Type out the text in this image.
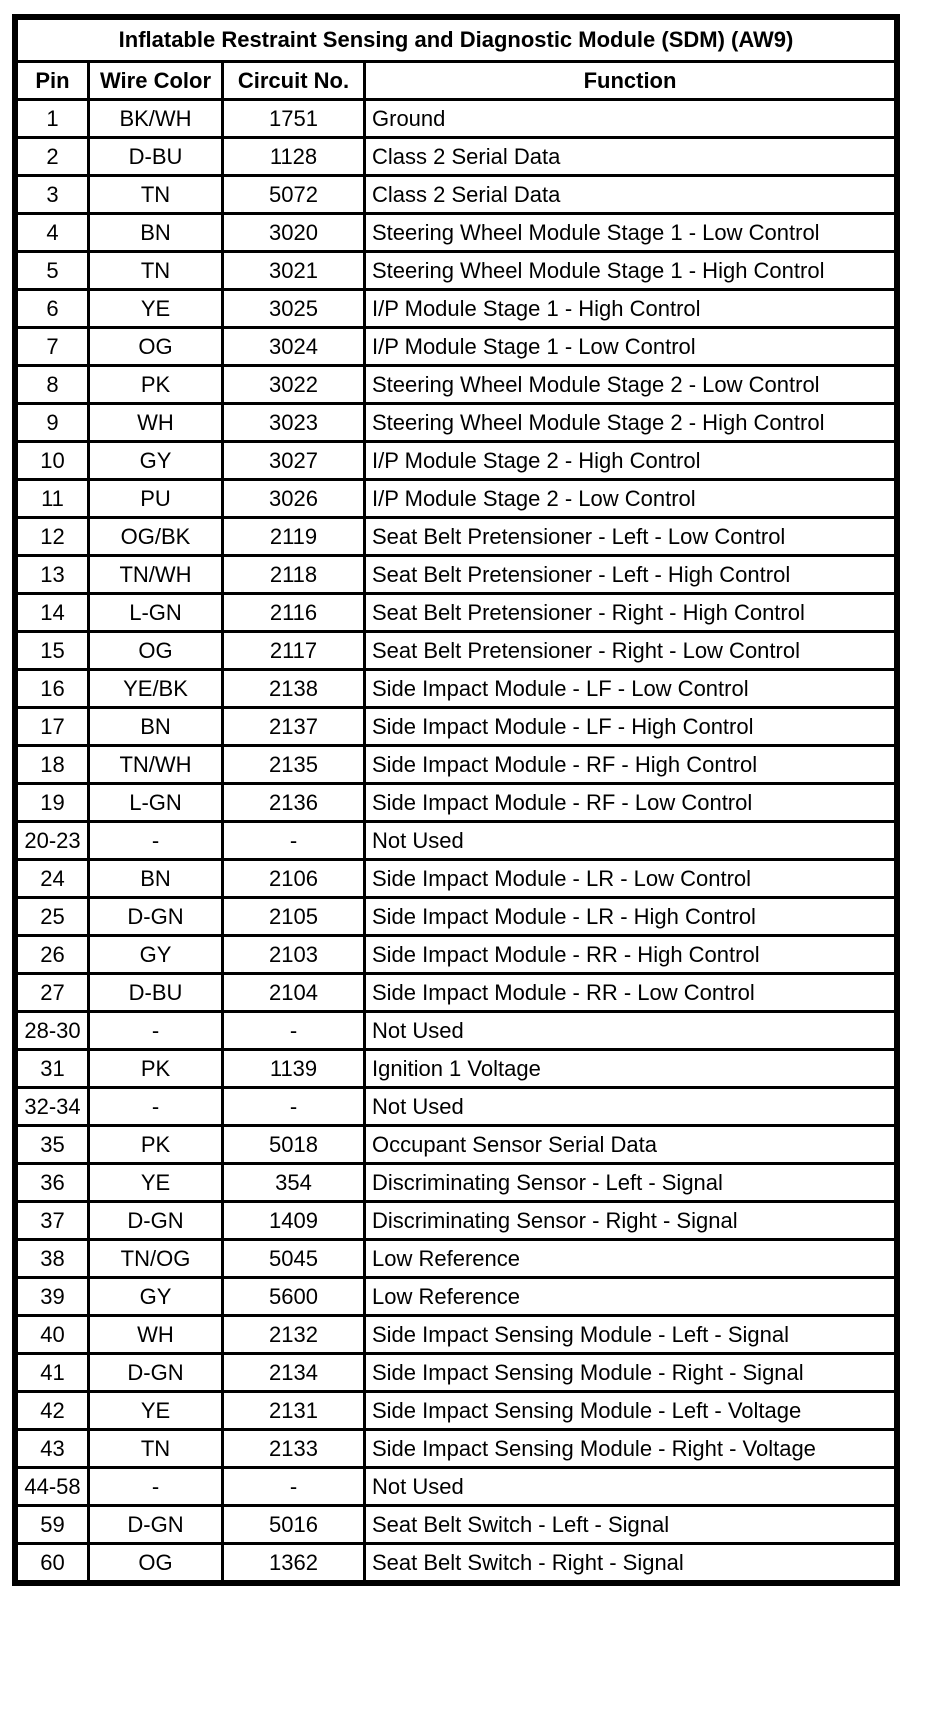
Inflatable Restraint Sensing and Diagnostic Module (SDM) (AW9)			
Pin	Wire Color	Circuit No.	Function
1	BK/WH	1751	Ground
2	D-BU	1128	Class 2 Serial Data
3	TN	5072	Class 2 Serial Data
4	BN	3020	Steering Wheel Module Stage 1 - Low Control
5	TN	3021	Steering Wheel Module Stage 1 - High Control
6	YE	3025	I/P Module Stage 1 - High Control
7	OG	3024	I/P Module Stage 1 - Low Control
8	PK	3022	Steering Wheel Module Stage 2 - Low Control
9	WH	3023	Steering Wheel Module Stage 2 - High Control
10	GY	3027	I/P Module Stage 2 - High Control
11	PU	3026	I/P Module Stage 2 - Low Control
12	OG/BK	2119	Seat Belt Pretensioner - Left - Low Control
13	TN/WH	2118	Seat Belt Pretensioner - Left - High Control
14	L-GN	2116	Seat Belt Pretensioner - Right - High Control
15	OG	2117	Seat Belt Pretensioner - Right - Low Control
16	YE/BK	2138	Side Impact Module - LF - Low Control
17	BN	2137	Side Impact Module - LF - High Control
18	TN/WH	2135	Side Impact Module - RF - High Control
19	L-GN	2136	Side Impact Module - RF - Low Control
20-23	-	-	Not Used
24	BN	2106	Side Impact Module - LR - Low Control
25	D-GN	2105	Side Impact Module - LR - High Control
26	GY	2103	Side Impact Module - RR - High Control
27	D-BU	2104	Side Impact Module - RR - Low Control
28-30	-	-	Not Used
31	PK	1139	Ignition 1 Voltage
32-34	-	-	Not Used
35	PK	5018	Occupant Sensor Serial Data
36	YE	354	Discriminating Sensor - Left - Signal
37	D-GN	1409	Discriminating Sensor - Right - Signal
38	TN/OG	5045	Low Reference
39	GY	5600	Low Reference
40	WH	2132	Side Impact Sensing Module - Left - Signal
41	D-GN	2134	Side Impact Sensing Module - Right - Signal
42	YE	2131	Side Impact Sensing Module - Left - Voltage
43	TN	2133	Side Impact Sensing Module - Right - Voltage
44-58	-	-	Not Used
59	D-GN	5016	Seat Belt Switch - Left - Signal
60	OG	1362	Seat Belt Switch - Right - Signal
